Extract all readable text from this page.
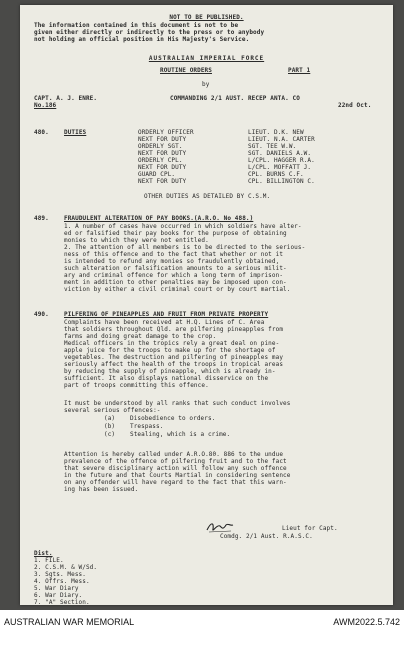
NOT TO BE PUBLISHED.
The information contained in this document is not to be
given either directly or indirectly to the press or to anybody
not holding an official position in His Majesty's Service.
AUSTRALIAN IMPERIAL FORCE
ROUTINE ORDERS	PART 1
by
CAPT. A. J. ENRE.	COMMANDING 2/1 AUST. RECEP ANTA. CO
No.186	22nd Oct.
480.	DUTIES	ORDERLY OFFICER	LIEUT. D.K. NEW
NEXT FOR DUTY	LIEUT. N.A. CARTER
ORDERLY SGT.	SGT. TEE W.W.
NEXT FOR DUTY	SGT. DANIELS A.W.
ORDERLY CPL.	L/CPL. HAGGER R.A.
NEXT FOR DUTY	L/CPL. MOFFATT J.
GUARD CPL.	CPL. BURNS C.F.
NEXT FOR DUTY	CPL. BILLINGTON C.
OTHER DUTIES AS DETAILED BY C.S.M.
489.	FRAUDULENT ALTERATION OF PAY BOOKS.(A.R.O. No 488.)
1. A number of cases have occurred in which soldiers have alter-
ed or falsified their pay books for the purpose of obtaining
monies to which they were not entitled.
2. The attention of all members is to be directed to the serious-
ness of this offence and to the fact that whether or not it
is intended to refund any monies so fraudulently obtained,
such alteration or falsification amounts to a serious milit-
ary and criminal offence for which a long term of imprison-
ment in addition to other penalties may be imposed upon con-
viction by either a civil criminal court or by court martial.
490.	PILFERING OF PINEAPPLES AND FRUIT FROM PRIVATE PROPERTY
Complaints have been received at H.Q. Lines of C. Area
that soldiers throughout Qld. are pilfering pineapples from
farms and doing great damage to the crop.
Medical officers in the tropics rely a great deal on pine-
apple juice for the troops to make up for the shortage of
vegetables. The destruction and pilfering of pineapples may
seriously affect the health of the troops in tropical areas
by reducing the supply of pineapple, which is already in-
sufficient. It also displays national disservice on the
part of troops committing this offence.
It must be understood by all ranks that such conduct involves
several serious offences:-
(a) Disobedience to orders.
(b) Trespass.
(c) Stealing, which is a crime.
Attention is hereby called under A.R.O.80. 886 to the undue
prevalence of the offence of pilfering fruit and to the fact
that severe disciplinary action will follow any such offence
in the future and that Courts Martial in considering sentence
on any offender will have regard to the fact that this warn-
ing has been issued.
Lieut for Capt.
Comdg. 2/1 Aust. R.A.S.C.
Dist.
1. FILE.
2. C.S.M. & W/Sd.
3. Sgts. Mess.
4. Offrs. Mess.
5. War Diary
6. War Diary.
7. "A" Section.
AUSTRALIAN WAR MEMORIAL	AWM2022.5.742
